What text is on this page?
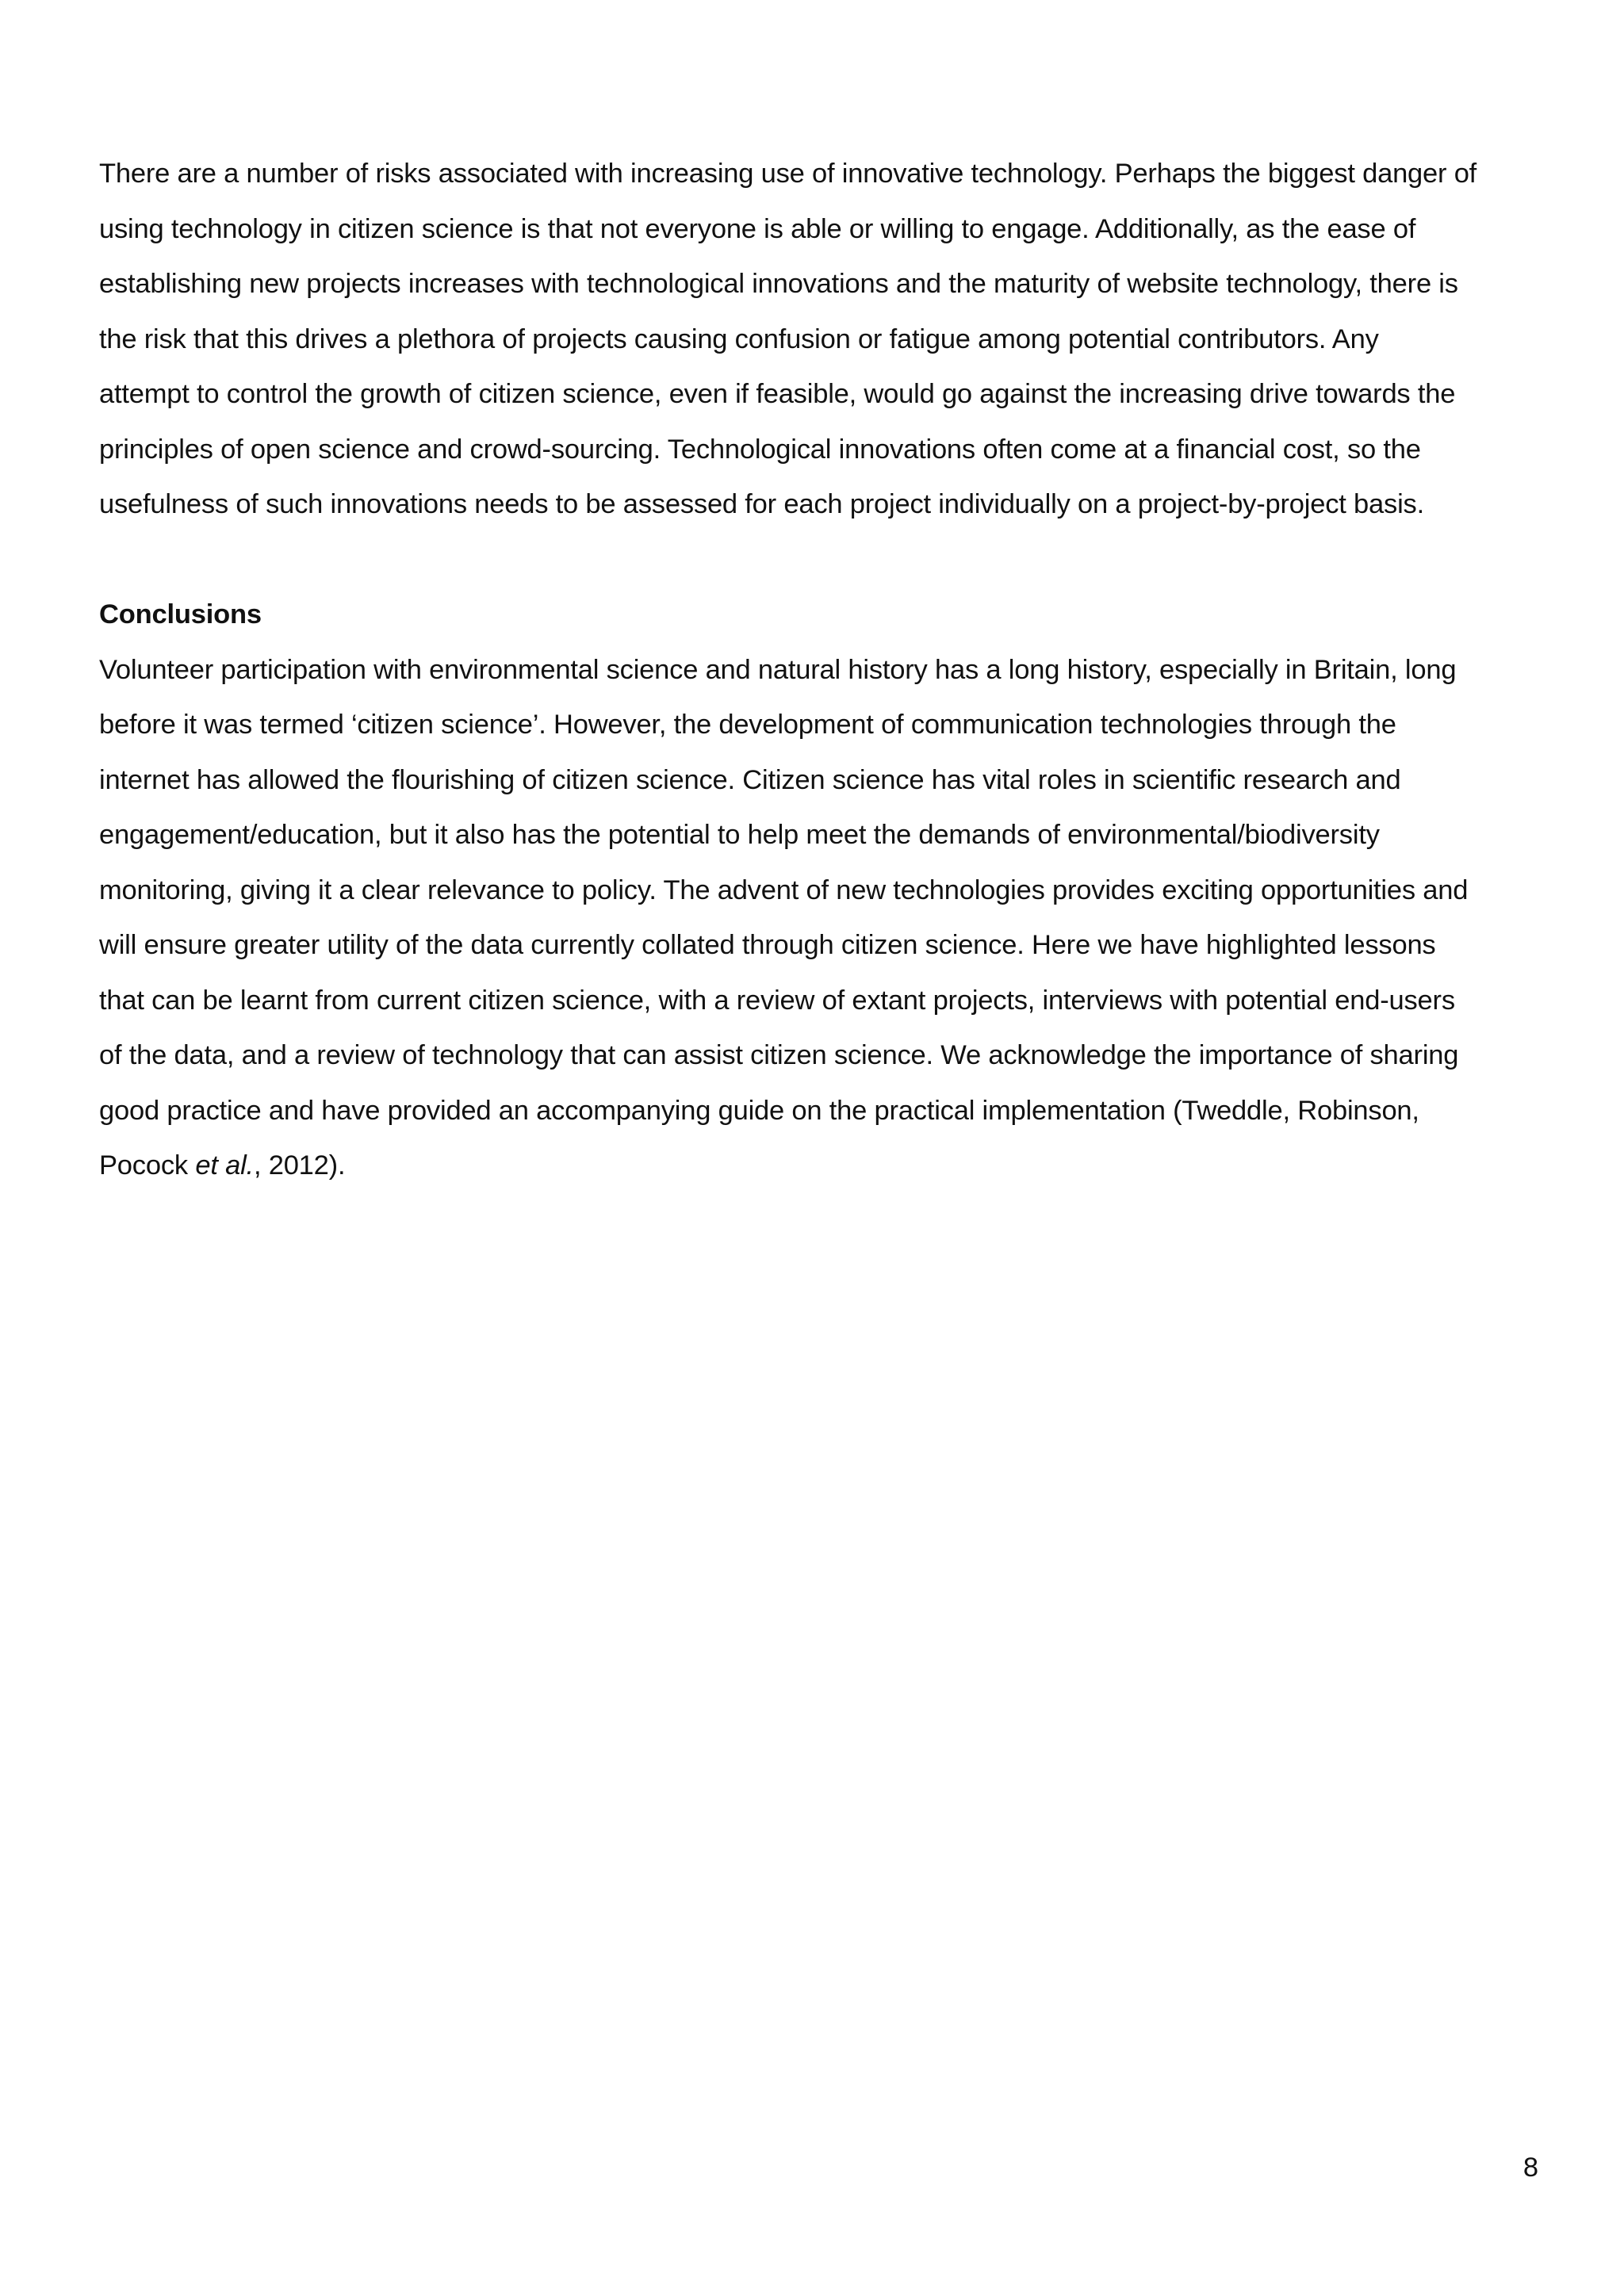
There are a number of risks associated with increasing use of innovative technology. Perhaps the biggest danger of
using technology in citizen science is that not everyone is able or willing to engage. Additionally, as the ease of
establishing new projects increases with technological innovations and the maturity of website technology, there is
the risk that this drives a plethora of projects causing confusion or fatigue among potential contributors. Any
attempt to control the growth of citizen science, even if feasible, would go against the increasing drive towards the
principles of open science and crowd-sourcing. Technological innovations often come at a financial cost, so the
usefulness of such innovations needs to be assessed for each project individually on a project-by-project basis.

Conclusions

Volunteer participation with environmental science and natural history has a long history, especially in Britain, long
before it was termed ‘citizen science’. However, the development of communication technologies through the
internet has allowed the flourishing of citizen science. Citizen science has vital roles in scientific research and
engagement/education, but it also has the potential to help meet the demands of environmental/biodiversity
monitoring, giving it a clear relevance to policy. The advent of new technologies provides exciting opportunities and
will ensure greater utility of the data currently collated through citizen science. Here we have highlighted lessons
that can be learnt from current citizen science, with a review of extant projects, interviews with potential end-users
of the data, and a review of technology that can assist citizen science. We acknowledge the importance of sharing
good practice and have provided an accompanying guide on the practical implementation (Tweddle, Robinson,
Pocock et al., 2012).

8
